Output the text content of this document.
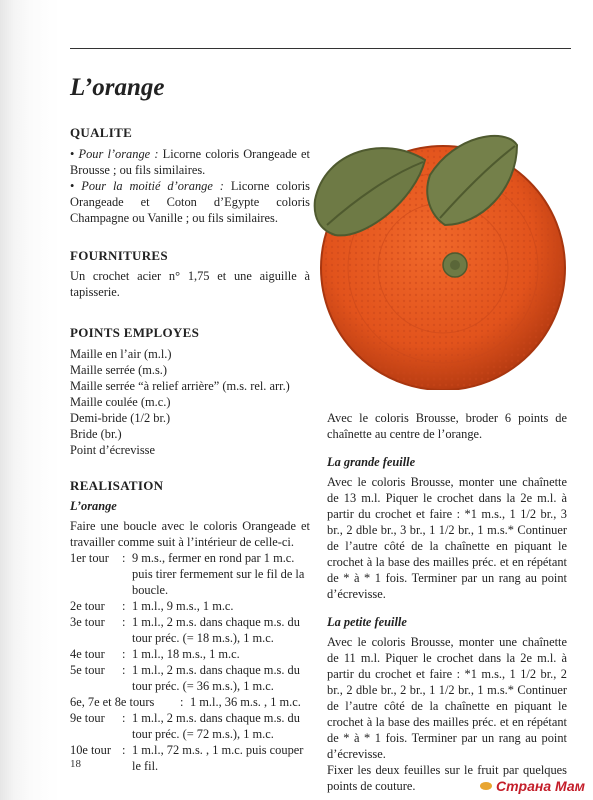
L’orange
QUALITE

• Pour l’orange : Licorne coloris Orangeade et Brousse ; ou fils similaires.

• Pour la moitié d’orange : Licorne coloris Orangeade et Coton d’Egypte coloris Champagne ou Vanille ; ou fils similaires.

FOURNITURES

Un crochet acier n° 1,75 et une aiguille à tapisserie.

POINTS EMPLOYES
Maille en l’air (m.l.)
Maille serrée (m.s.)
Maille serrée “à relief arrière” (m.s. rel. arr.)
Maille coulée (m.c.)
Demi-bride (1/2 br.)
Bride (br.)
Point d’écrevisse
REALISATION

L’orange

Faire une boucle avec le coloris Orangeade et travailler comme suit à l’intérieur de celle-ci.

1er tour	: 9 m.s., fermer en rond par 1 m.c. puis tirer fermement sur le fil de la boucle.
2e tour	: 1 m.l., 9 m.s., 1 m.c.
3e tour	: 1 m.l., 2 m.s. dans chaque m.s. du tour préc. (= 18 m.s.), 1 m.c.
4e tour	: 1 m.l., 18 m.s., 1 m.c.
5e tour	: 1 m.l., 2 m.s. dans chaque m.s. du tour préc. (= 36 m.s.), 1 m.c.
6e, 7e et 8e tours	: 1 m.l., 36 m.s. , 1 m.c.
9e tour	: 1 m.l., 2 m.s. dans chaque m.s. du tour préc. (= 72 m.s.), 1 m.c.
10e tour : 1 m.l., 72 m.s. , 1 m.c. puis couper le fil.

Avec le coloris Brousse, broder 6 points de chaînette au centre de l’orange.

La grande feuille

Avec le coloris Brousse, monter une chaînette de 13 m.l. Piquer le crochet dans la 2e m.l. à partir du crochet et faire : *1 m.s., 1 1/2 br., 3 br., 2 dble br., 3 br., 1 1/2 br., 1 m.s.* Continuer de l’autre côté de la chaînette en piquant le crochet à la base des mailles préc. et en répétant de * à * 1 fois. Terminer par un rang au point d’écrevisse.

La petite feuille

Avec le coloris Brousse, monter une chaînette de 11 m.l. Piquer le crochet dans la 2e m.l. à partir du crochet et faire : *1 m.s., 1 1/2 br., 2 br., 2 dble br., 2 br., 1 1/2 br., 1 m.s.* Continuer de l’autre côté de la chaînette en piquant le crochet à la base des mailles préc. et en répétant de * à * 1 fois. Terminer par un rang au point d’écrevisse.

Fixer les deux feuilles sur le fruit par quelques points de couture.

18
Страна Мам
